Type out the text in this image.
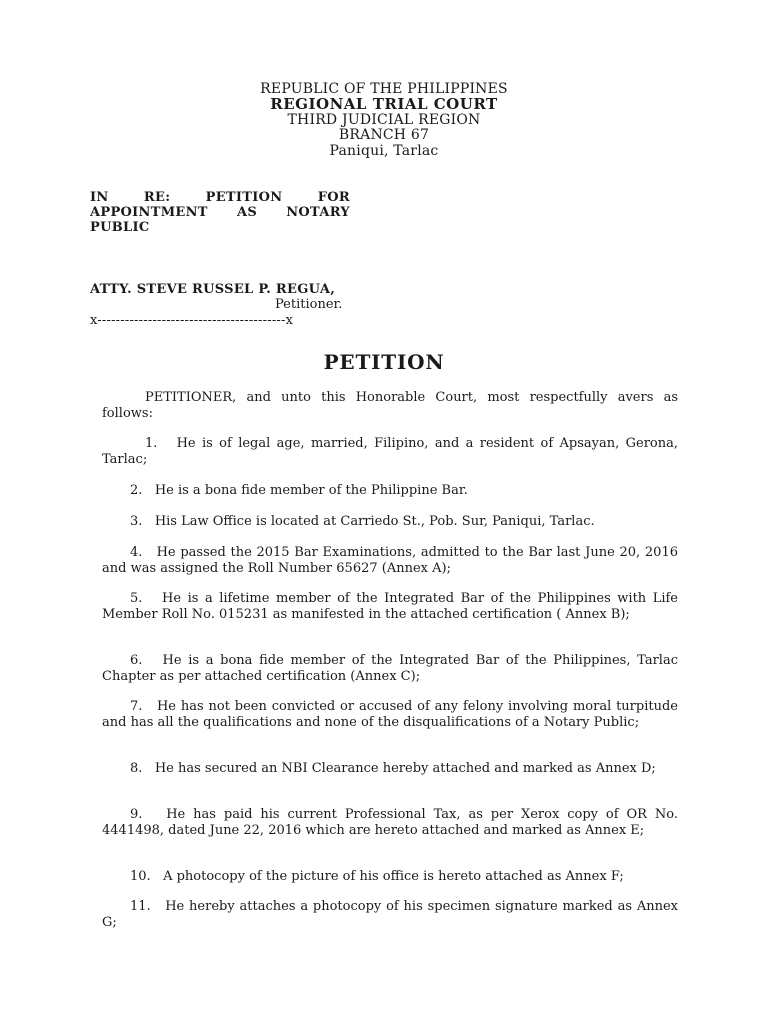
REPUBLIC OF THE PHILIPPINES
REGIONAL TRIAL COURT
THIRD JUDICIAL REGION
BRANCH 67
Paniqui, Tarlac
IN RE: PETITION FOR
APPOINTMENT AS NOTARY
PUBLIC
ATTY. STEVE RUSSEL P. REGUA,
Petitioner.
x-----------------------------------------x
PETITION
PETITIONER, and unto this Honorable Court, most respectfully avers as follows:
1. He is of legal age, married, Filipino, and a resident of Apsayan, Gerona, Tarlac;
2. He is a bona fide member of the Philippine Bar.
3. His Law Office is located at Carriedo St., Pob. Sur, Paniqui, Tarlac.
4. He passed the 2015 Bar Examinations, admitted to the Bar last June 20, 2016 and was assigned the Roll Number 65627 (Annex A);
5. He is a lifetime member of the Integrated Bar of the Philippines with Life Member Roll No. 015231 as manifested in the attached certification ( Annex B);
6. He is a bona fide member of the Integrated Bar of the Philippines, Tarlac Chapter as per attached certification (Annex C);
7. He has not been convicted or accused of any felony involving moral turpitude and has all the qualifications and none of the disqualifications of a Notary Public;
8. He has secured an NBI Clearance hereby attached and marked as Annex D;
9. He has paid his current Professional Tax, as per Xerox copy of OR No. 4441498, dated June 22, 2016 which are hereto attached and marked as Annex E;
10. A photocopy of the picture of his office is hereto attached as Annex F;
11. He hereby attaches a photocopy of his specimen signature marked as Annex G;
